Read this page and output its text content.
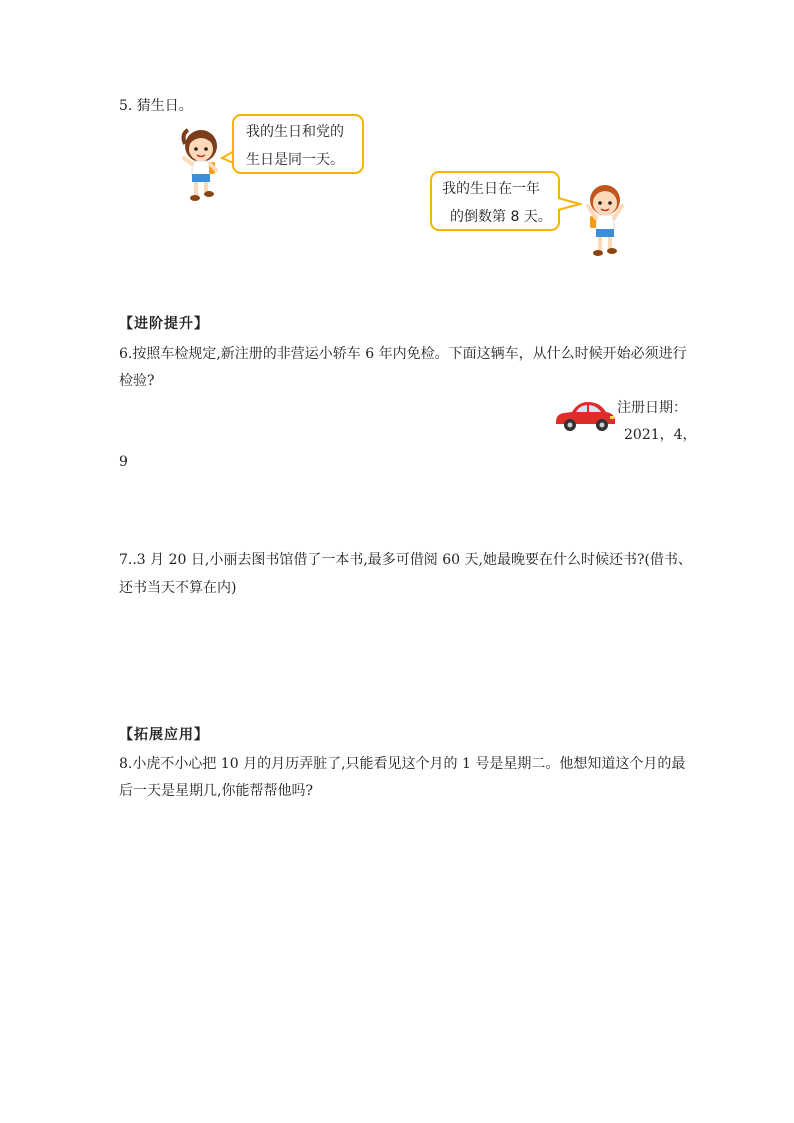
5. 猜生日。
我的生日和党的
生日是同一天。
我的生日在一年
的倒数第 8 天。
【进阶提升】
6.按照车检规定,新注册的非营运小轿车 6 年内免检。下面这辆车，从什么时候开始必须进行
检验?
注册日期：
2021，4，
9
7..3 月 20 日,小丽去图书馆借了一本书,最多可借阅 60 天,她最晚要在什么时候还书?(借书、
还书当天不算在内)
【拓展应用】
8.小虎不小心把 10 月的月历弄脏了,只能看见这个月的 1 号是星期二。他想知道这个月的最
后一天是星期几,你能帮帮他吗?
